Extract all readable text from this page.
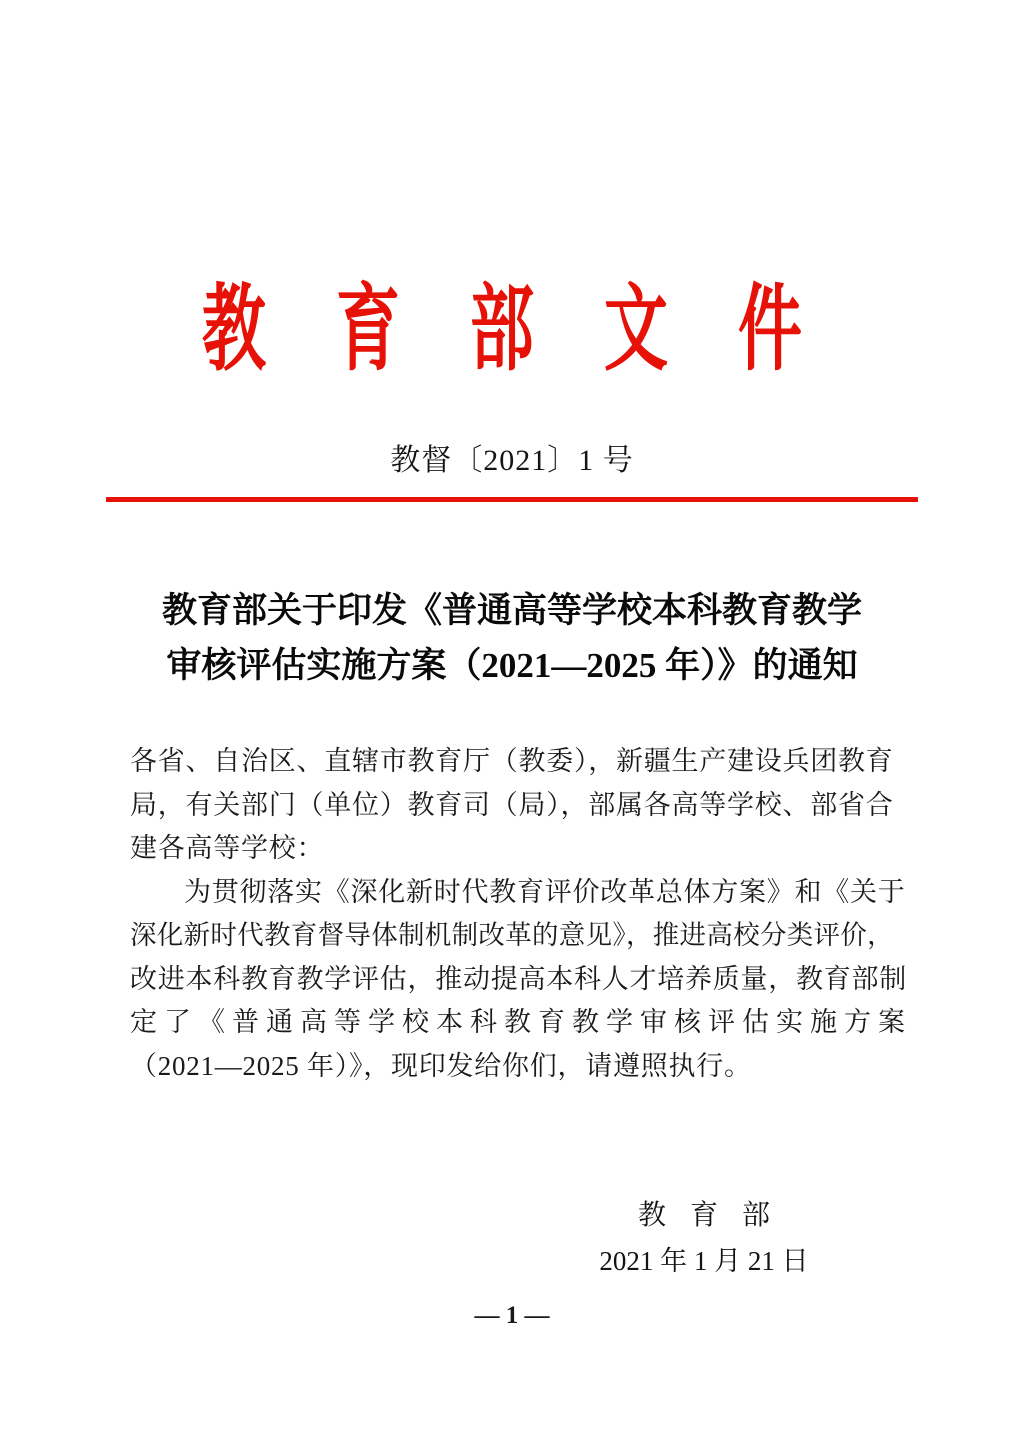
教 育 部 文 件
教督〔2021〕1 号
教育部关于印发《普通高等学校本科教育教学
审核评估实施方案（2021—2025 年）》的通知
各省、自治区、直辖市教育厅（教委），新疆生产建设兵团教育
局，有关部门（单位）教育司（局），部属各高等学校、部省合
建各高等学校：
为贯彻落实《深化新时代教育评价改革总体方案》和《关于
深化新时代教育督导体制机制改革的意见》，推进高校分类评价，
改进本科教育教学评估，推动提高本科人才培养质量，教育部制
定了《普通高等学校本科教育教学审核评估实施方案
（2021—2025 年）》，现印发给你们，请遵照执行。
教 育 部
2021 年 1 月 21 日
— 1 —
